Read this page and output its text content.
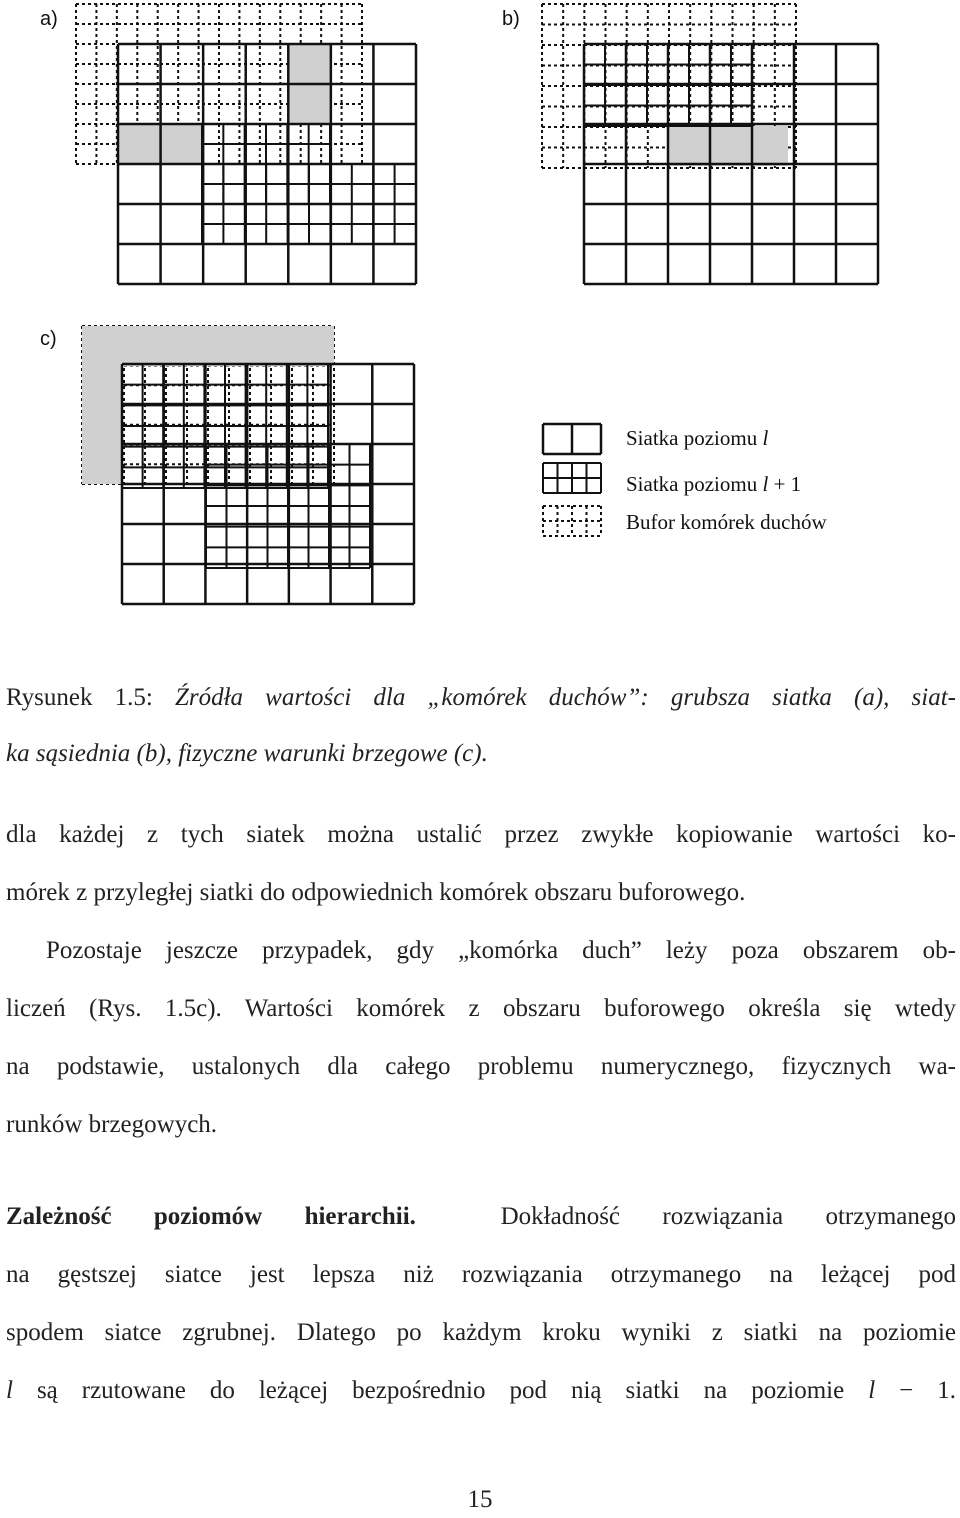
a)	b)
c)
Siatka poziomu l
Siatka poziomu l + 1
Bufor komórek duchów
Rysunek 1.5: Źródła wartości dla „komórek duchów”: grubsza siatka (a), siat-
ka sąsiednia (b), fizyczne warunki brzegowe (c).
dla każdej z tych siatek można ustalić przez zwykłe kopiowanie wartości ko-
mórek z przyległej siatki do odpowiednich komórek obszaru buforowego.
Pozostaje jeszcze przypadek, gdy „komórka duch” leży poza obszarem ob-
liczeń (Rys. 1.5c). Wartości komórek z obszaru buforowego określa się wtedy
na podstawie, ustalonych dla całego problemu numerycznego, fizycznych wa-
runków brzegowych.
Zależność poziomów hierarchii.	Dokładność rozwiązania otrzymanego
na gęstszej siatce jest lepsza niż rozwiązania otrzymanego na leżącej pod
spodem siatce zgrubnej. Dlatego po każdym kroku wyniki z siatki na poziomie
l są rzutowane do leżącej bezpośrednio pod nią siatki na poziomie l − 1.
15
